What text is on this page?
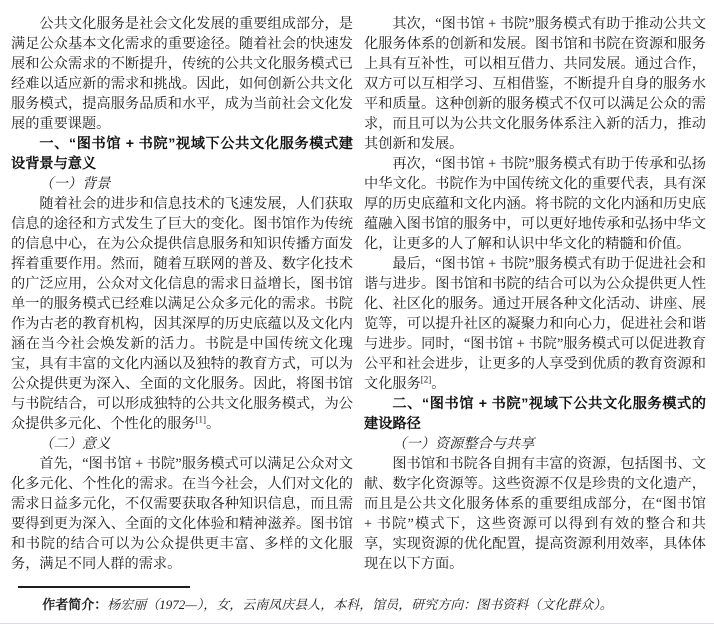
公共文化服务是社会文化发展的重要组成部分，是满足公众基本文化需求的重要途径。随着社会的快速发展和公众需求的不断提升，传统的公共文化服务模式已经难以适应新的需求和挑战。因此，如何创新公共文化服务模式，提高服务品质和水平，成为当前社会文化发展的重要课题。

一、“图书馆 + 书院”视域下公共文化服务模式建设背景与意义

（一）背景

随着社会的进步和信息技术的飞速发展，人们获取信息的途径和方式发生了巨大的变化。图书馆作为传统的信息中心，在为公众提供信息服务和知识传播方面发挥着重要作用。然而，随着互联网的普及、数字化技术的广泛应用，公众对文化信息的需求日益增长，图书馆单一的服务模式已经难以满足公众多元化的需求。书院作为古老的教育机构，因其深厚的历史底蕴以及文化内涵在当今社会焕发新的活力。书院是中国传统文化瑰宝，具有丰富的文化内涵以及独特的教育方式，可以为公众提供更为深入、全面的文化服务。因此，将图书馆与书院结合，可以形成独特的公共文化服务模式，为公众提供多元化、个性化的服务[1]。

（二）意义

首先，“图书馆 + 书院”服务模式可以满足公众对文化多元化、个性化的需求。在当今社会，人们对文化的需求日益多元化，不仅需要获取各种知识信息，而且需要得到更为深入、全面的文化体验和精神滋养。图书馆和书院的结合可以为公众提供更丰富、多样的文化服务，满足不同人群的需求。

其次，“图书馆 + 书院”服务模式有助于推动公共文化服务体系的创新和发展。图书馆和书院在资源和服务上具有互补性，可以相互借力、共同发展。通过合作，双方可以互相学习、互相借鉴，不断提升自身的服务水平和质量。这种创新的服务模式不仅可以满足公众的需求，而且可以为公共文化服务体系注入新的活力，推动其创新和发展。

再次，“图书馆 + 书院”服务模式有助于传承和弘扬中华文化。书院作为中国传统文化的重要代表，具有深厚的历史底蕴和文化内涵。将书院的文化内涵和历史底蕴融入图书馆的服务中，可以更好地传承和弘扬中华文化，让更多的人了解和认识中华文化的精髓和价值。

最后，“图书馆 + 书院”服务模式有助于促进社会和谐与进步。图书馆和书院的结合可以为公众提供更人性化、社区化的服务。通过开展各种文化活动、讲座、展览等，可以提升社区的凝聚力和向心力，促进社会和谐与进步。同时，“图书馆 + 书院”服务模式可以促进教育公平和社会进步，让更多的人享受到优质的教育资源和文化服务[2]。

二、“图书馆 + 书院”视域下公共文化服务模式的建设路径

（一）资源整合与共享

图书馆和书院各自拥有丰富的资源，包括图书、文献、数字化资源等。这些资源不仅是珍贵的文化遗产，而且是公共文化服务体系的重要组成部分，在“图书馆 + 书院”模式下，这些资源可以得到有效的整合和共享，实现资源的优化配置，提高资源利用效率，具体体现在以下方面。

作者简介：杨宏丽（1972—），女，云南凤庆县人，本科，馆员，研究方向：图书资料（文化群众）。
